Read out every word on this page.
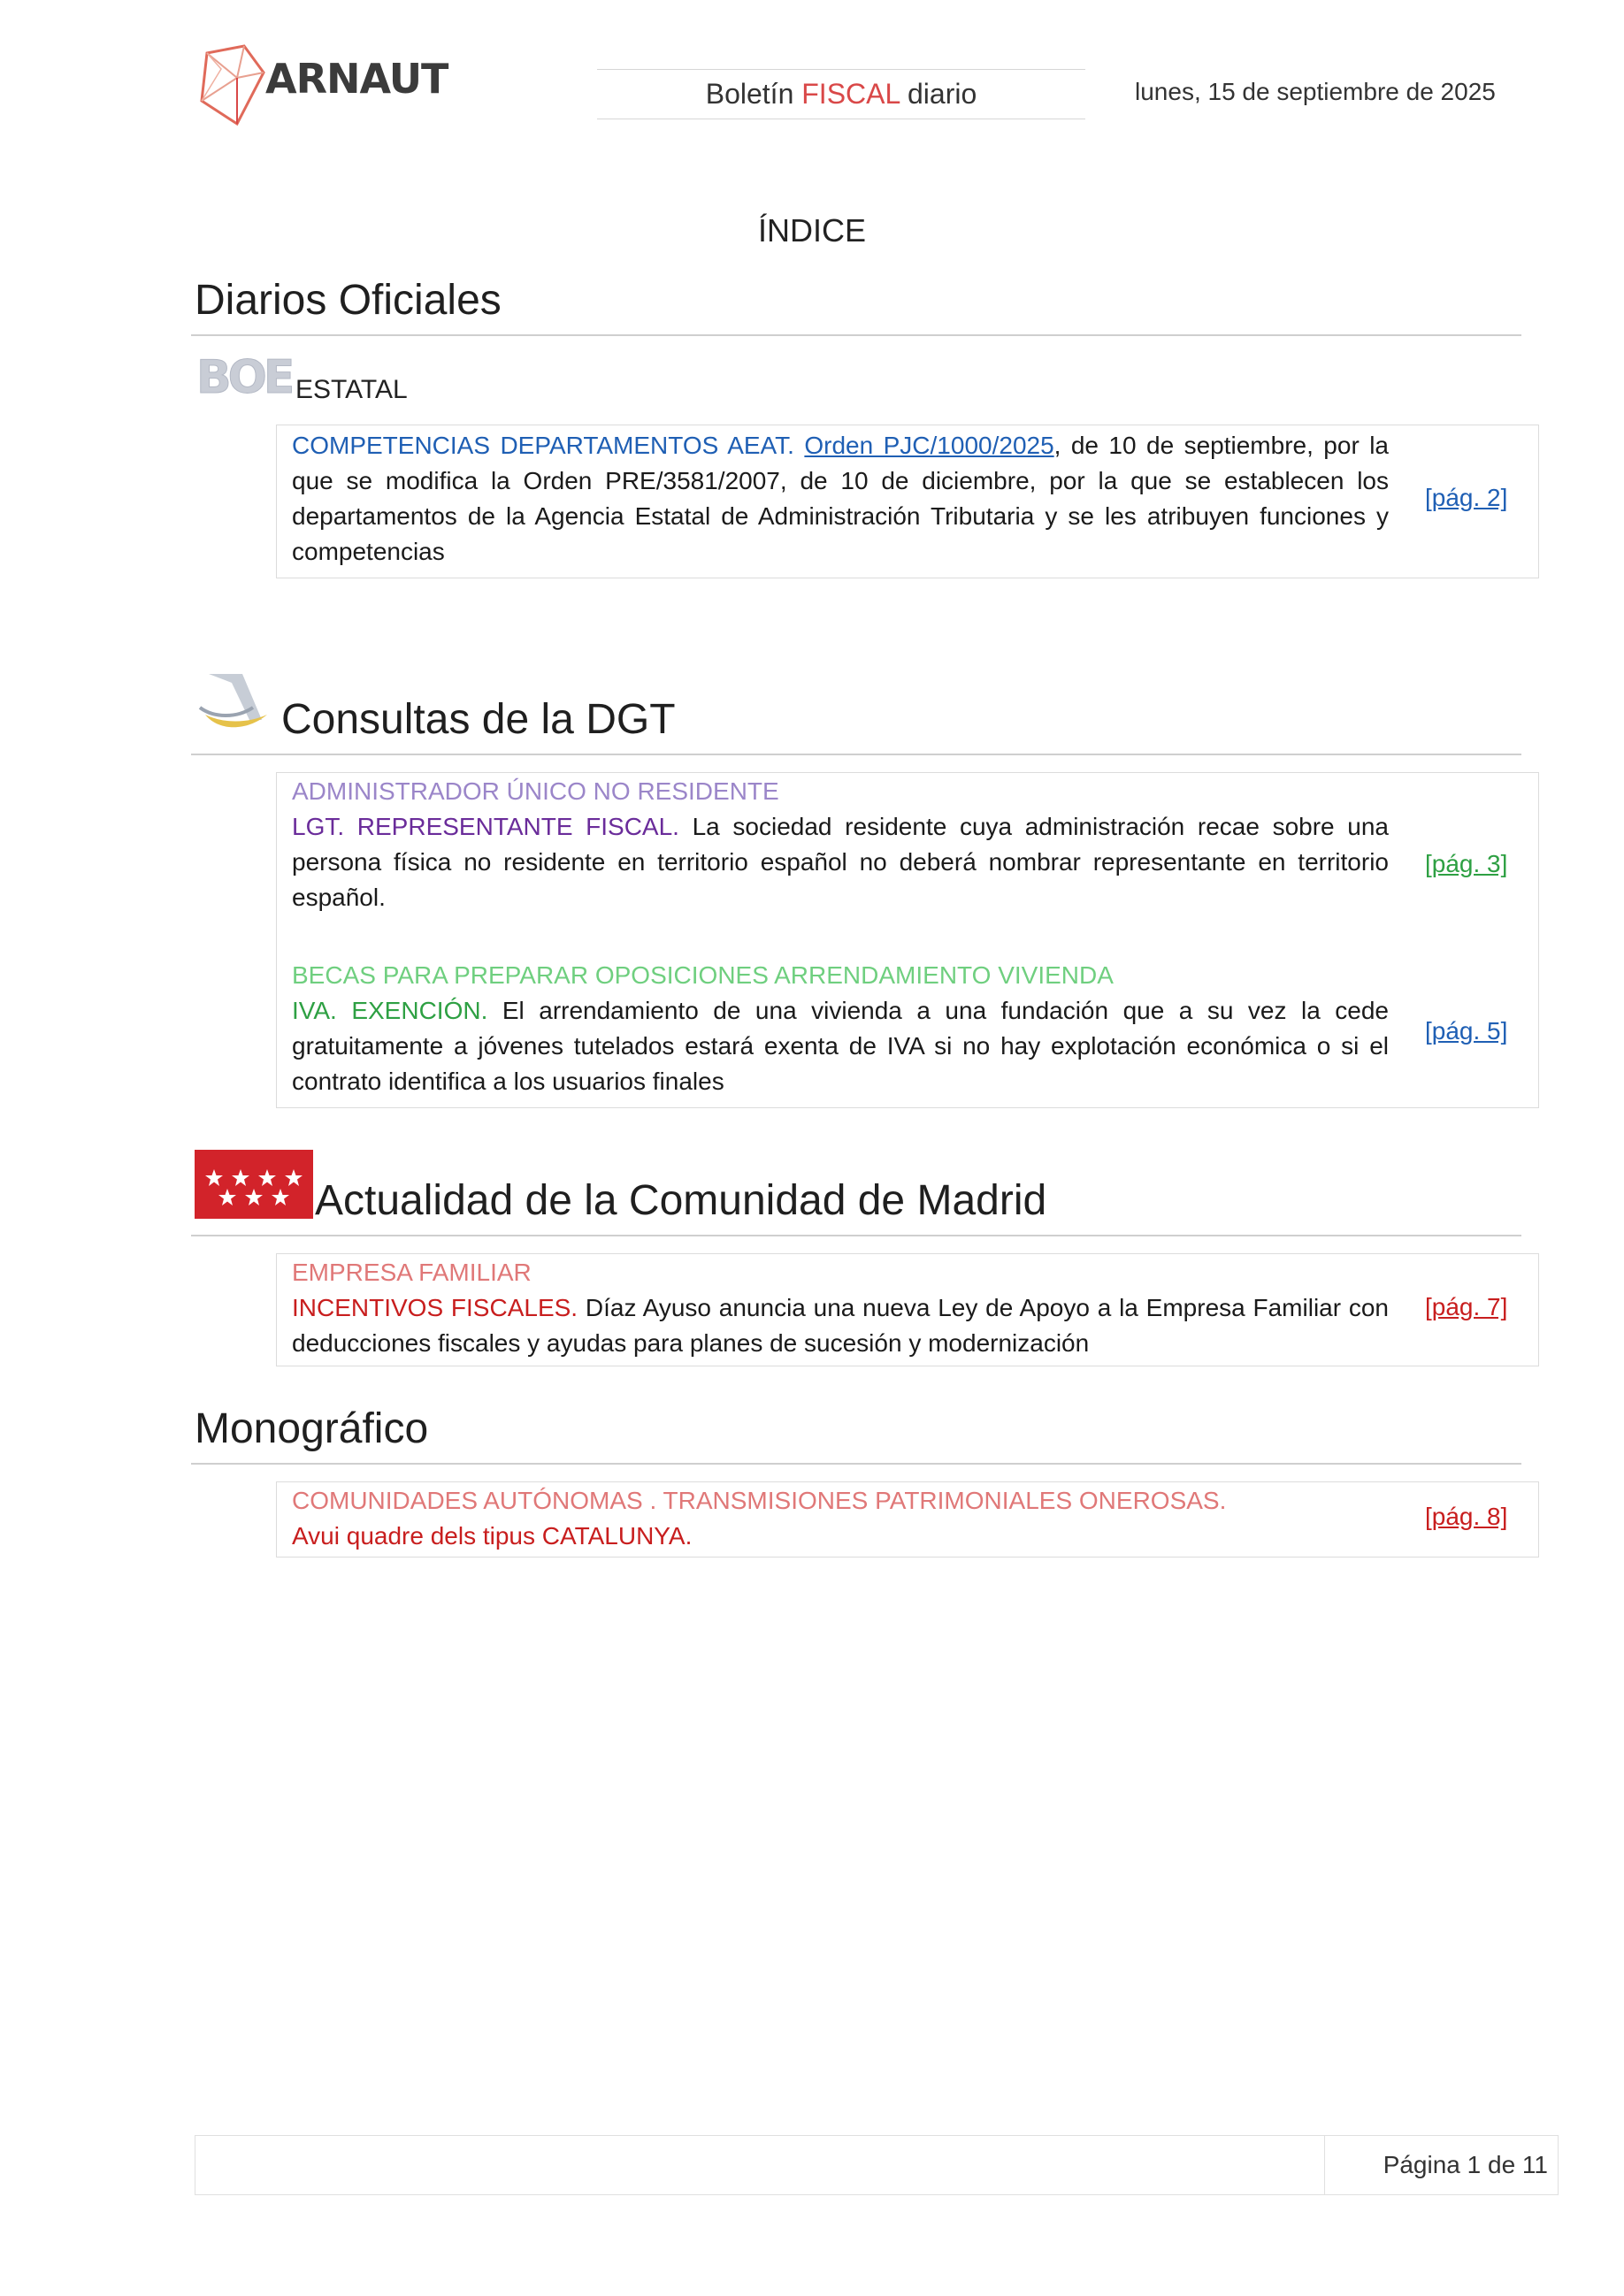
ARNAUT	Boletín FISCAL diario	lunes, 15 de septiembre de 2025
ÍNDICE
Diarios Oficiales
BOE ESTATAL
COMPETENCIAS DEPARTAMENTOS AEAT. Orden PJC/1000/2025, de 10 de septiembre, por la que se modifica la Orden PRE/3581/2007, de 10 de diciembre, por la que se establecen los departamentos de la Agencia Estatal de Administración Tributaria y se les atribuyen funciones y competencias
[pág. 2]
Consultas de la DGT
ADMINISTRADOR ÚNICO NO RESIDENTE
LGT. REPRESENTANTE FISCAL. La sociedad residente cuya administración recae sobre una persona física no residente en territorio español no deberá nombrar representante en territorio español.
[pág. 3]
BECAS PARA PREPARAR OPOSICIONES ARRENDAMIENTO VIVIENDA
IVA. EXENCIÓN. El arrendamiento de una vivienda a una fundación que a su vez la cede gratuitamente a jóvenes tutelados estará exenta de IVA si no hay explotación económica o si el contrato identifica a los usuarios finales
[pág. 5]
Actualidad de la Comunidad de Madrid
EMPRESA FAMILIAR
INCENTIVOS FISCALES. Díaz Ayuso anuncia una nueva Ley de Apoyo a la Empresa Familiar con deducciones fiscales y ayudas para planes de sucesión y modernización
[pág. 7]
Monográfico
COMUNIDADES AUTÓNOMAS . TRANSMISIONES PATRIMONIALES ONEROSAS.
Avui quadre dels tipus CATALUNYA.
[pág. 8]
Página 1 de 11
